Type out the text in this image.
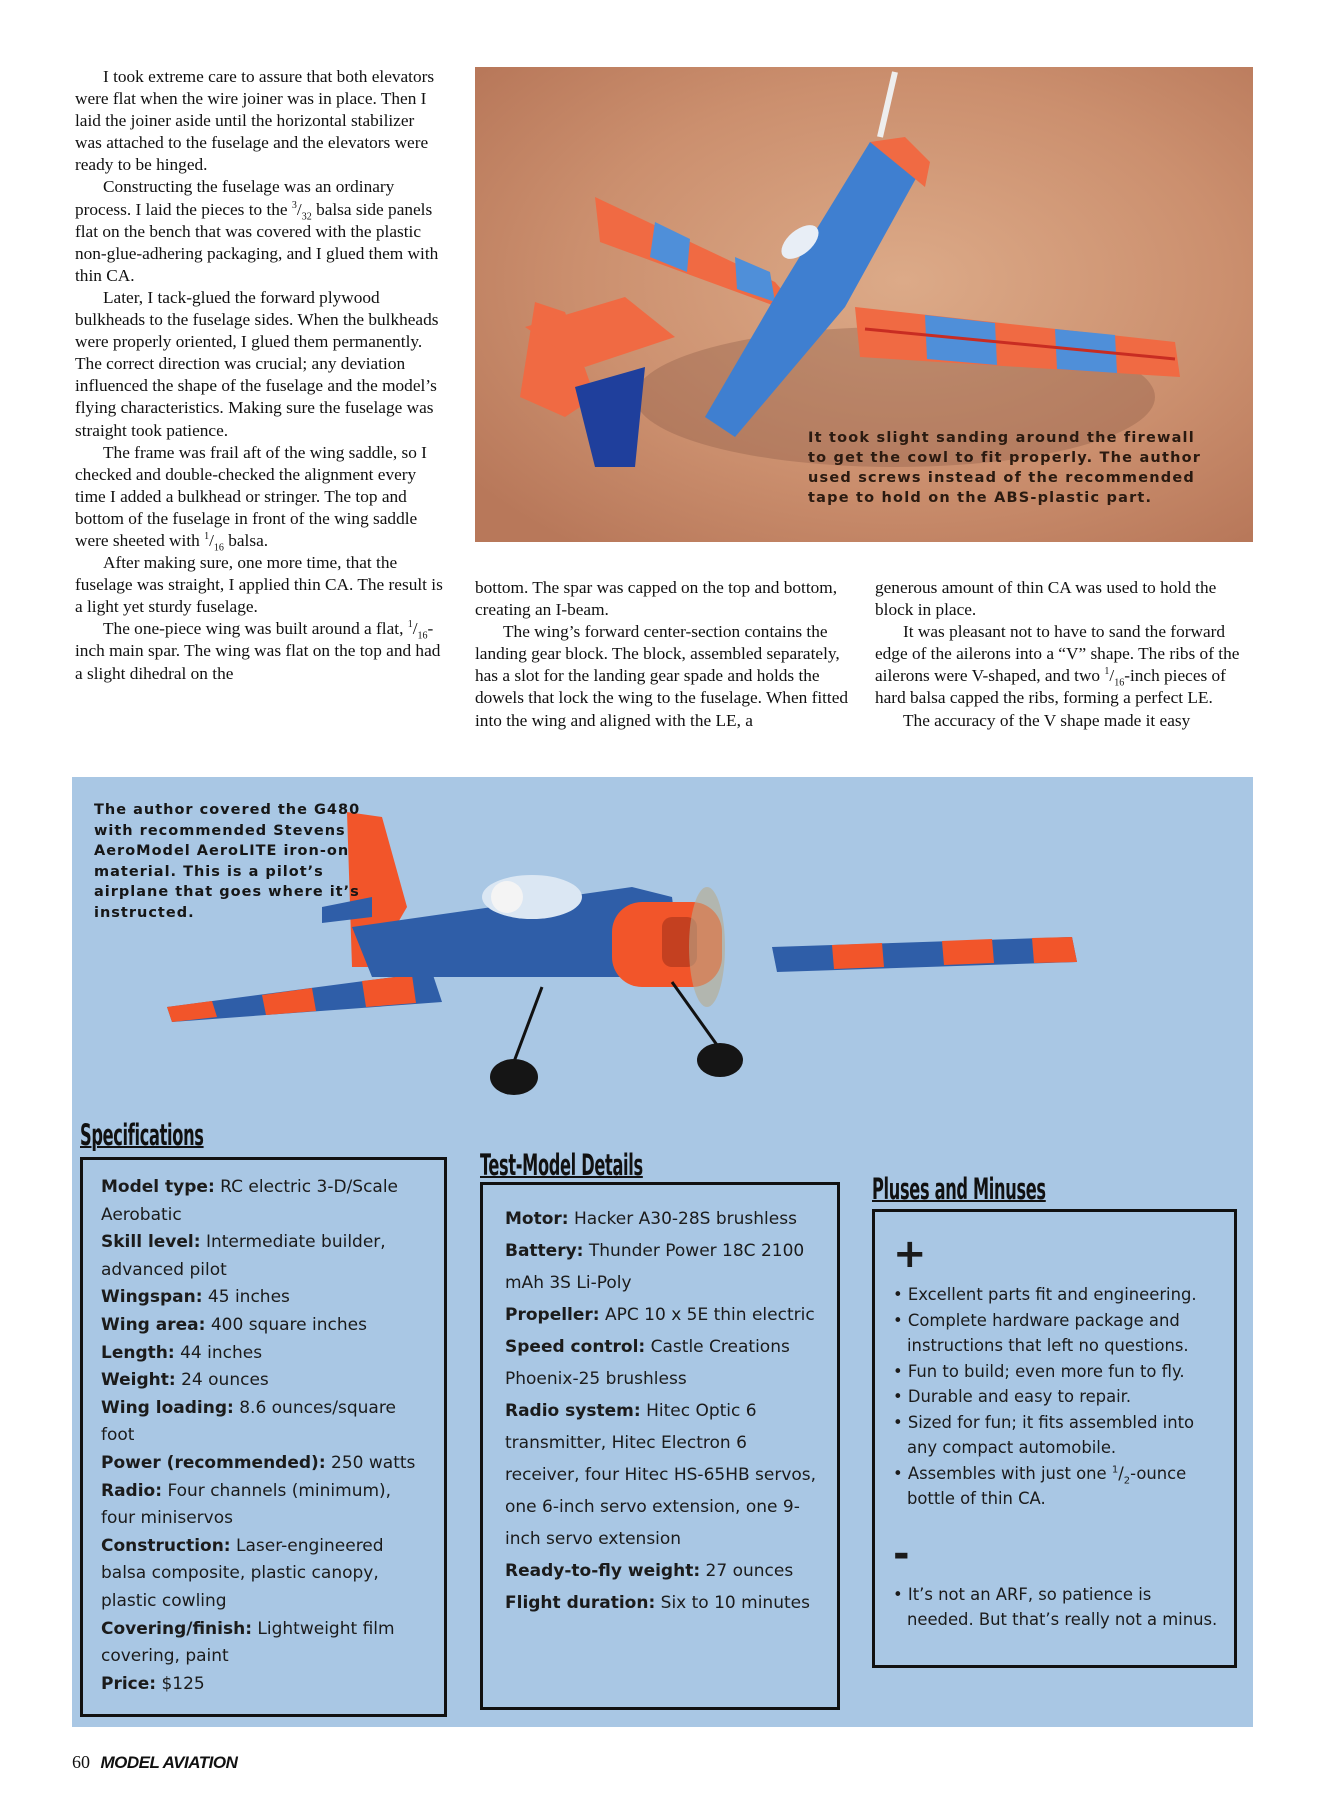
I took extreme care to assure that both elevators were flat when the wire joiner was in place. Then I laid the joiner aside until the horizontal stabilizer was attached to the fuselage and the elevators were ready to be hinged.

Constructing the fuselage was an ordinary process. I laid the pieces to the $^3/_{32}$ balsa side panels flat on the bench that was covered with the plastic non-glue-adhering packaging, and I glued them with thin CA.

Later, I tack-glued the forward plywood bulkheads to the fuselage sides. When the bulkheads were properly oriented, I glued them permanently. The correct direction was crucial; any deviation influenced the shape of the fuselage and the model’s flying characteristics. Making sure the fuselage was straight took patience.

The frame was frail aft of the wing saddle, so I checked and double-checked the alignment every time I added a bulkhead or stringer. The top and bottom of the fuselage in front of the wing saddle were sheeted with $^1/_{16}$ balsa.

After making sure, one more time, that the fuselage was straight, I applied thin CA. The result is a light yet sturdy fuselage.

The one-piece wing was built around a flat, $^1/_{16}$-inch main spar. The wing was flat on the top and had a slight dihedral on the

It took slight sanding around the firewall to get the cowl to fit properly. The author used screws instead of the recommended tape to hold on the ABS-plastic part.

bottom. The spar was capped on the top and bottom, creating an I-beam.

The wing’s forward center-section contains the landing gear block. The block, assembled separately, has a slot for the landing gear spade and holds the dowels that lock the wing to the fuselage. When fitted into the wing and aligned with the LE, a

generous amount of thin CA was used to hold the block in place.

It was pleasant not to have to sand the forward edge of the ailerons into a “V” shape. The ribs of the ailerons were V-shaped, and two $^1/_{16}$-inch pieces of hard balsa capped the ribs, forming a perfect LE.

The accuracy of the V shape made it easy

The author covered the G480 with recommended Stevens AeroModel AeroLITE iron-on material. This is a pilot’s airplane that goes where it’s instructed.
Specifications
Model type: RC electric 3-D/Scale Aerobatic
Skill level: Intermediate builder, advanced pilot
Wingspan: 45 inches
Wing area: 400 square inches
Length: 44 inches
Weight: 24 ounces
Wing loading: 8.6 ounces/square foot
Power (recommended): 250 watts
Radio: Four channels (minimum), four miniservos
Construction: Laser-engineered balsa composite, plastic canopy, plastic cowling
Covering/finish: Lightweight film covering, paint
Price: $125
Test-Model Details
Motor: Hacker A30-28S brushless
Battery: Thunder Power 18C 2100 mAh 3S Li-Poly
Propeller: APC 10 x 5E thin electric
Speed control: Castle Creations Phoenix-25 brushless
Radio system: Hitec Optic 6 transmitter, Hitec Electron 6 receiver, four Hitec HS-65HB servos, one 6-inch servo extension, one 9-inch servo extension
Ready-to-fly weight: 27 ounces
Flight duration: Six to 10 minutes
Pluses and Minuses
+
• Excellent parts fit and engineering.
• Complete hardware package and instructions that left no questions.
• Fun to build; even more fun to fly.
• Durable and easy to repair.
• Sized for fun; it fits assembled into any compact automobile.
• Assembles with just one $^1/_2$-ounce bottle of thin CA.
-
• It’s not an ARF, so patience is needed. But that’s really not a minus.
60 MODEL AVIATION
